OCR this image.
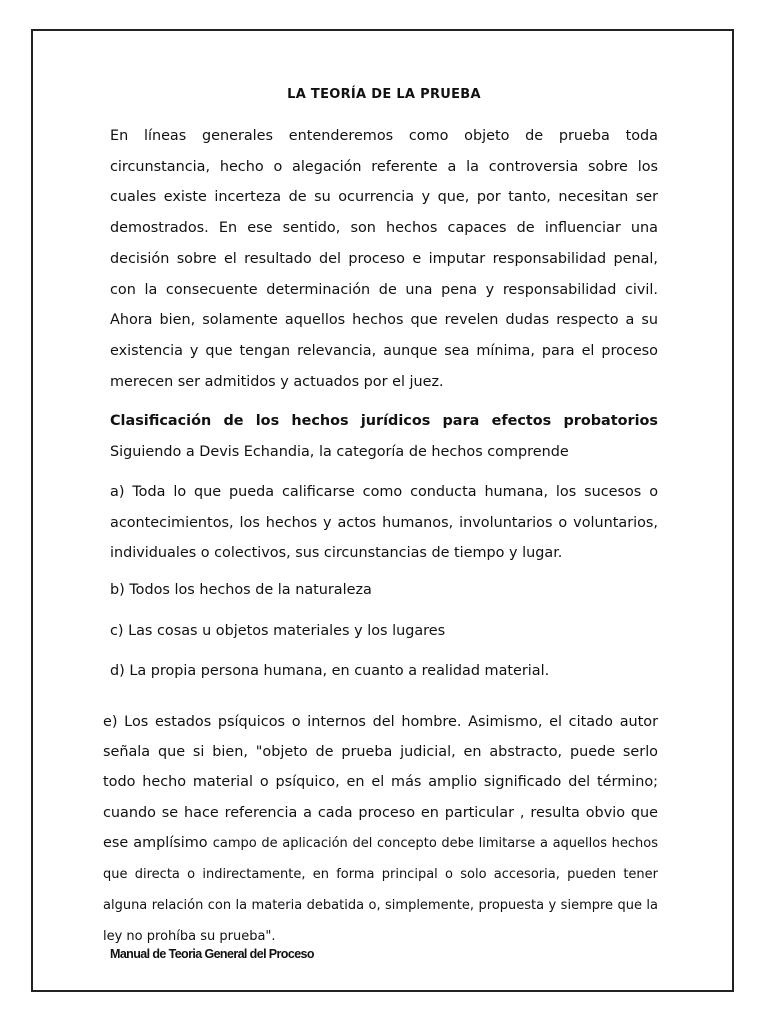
LA TEORÍA DE LA PRUEBA

En líneas generales entenderemos como objeto de prueba toda circunstancia, hecho o alegación referente a la controversia sobre los cuales existe incerteza de su ocurrencia y que, por tanto, necesitan ser demostrados. En ese sentido, son hechos capaces de influenciar una decisión sobre el resultado del proceso e imputar responsabilidad penal, con la consecuente determinación de una pena y responsabilidad civil. Ahora bien, solamente aquellos hechos que revelen dudas respecto a su existencia y que tengan relevancia, aunque sea mínima, para el proceso merecen ser admitidos y actuados por el juez.

Clasificación de los hechos jurídicos para efectos probatorios Siguiendo a Devis Echandia, la categoría de hechos comprende

a) Toda lo que pueda calificarse como conducta humana, los sucesos o acontecimientos, los hechos y actos humanos, involuntarios o voluntarios, individuales o colectivos, sus circunstancias de tiempo y lugar.

b) Todos los hechos de la naturaleza

c) Las cosas u objetos materiales y los lugares

d) La propia persona humana, en cuanto a realidad material.

e) Los estados psíquicos o internos del hombre. Asimismo, el citado autor señala que si bien, "objeto de prueba judicial, en abstracto, puede serlo todo hecho material o psíquico, en el más amplio significado del término; cuando se hace referencia a cada proceso en particular , resulta obvio que ese amplísimo campo de aplicación del concepto debe limitarse a aquellos hechos que directa o indirectamente, en forma principal o solo accesoria, pueden tener alguna relación con la materia debatida o, simplemente, propuesta y siempre que la ley no prohíba su prueba".

Manual de Teoria General del Proceso
